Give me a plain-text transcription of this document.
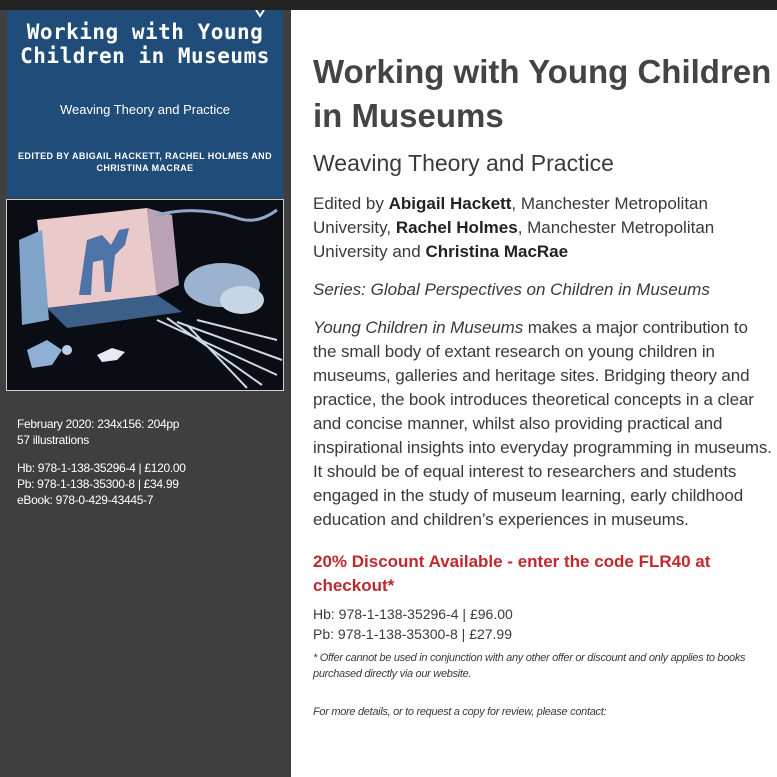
Working with Young Children in Museums
Weaving Theory and Practice
EDITED BY ABIGAIL HACKETT, RACHEL HOLMES AND CHRISTINA MACRAE

February 2020: 234x156: 204pp

57 illustrations

Hb: 978-1-138-35296-4 | £120.00

Pb: 978-1-138-35300-8 | £34.99

eBook: 978-0-429-43445-7

Working with Young Children in Museums

Weaving Theory and Practice

Edited by Abigail Hackett, Manchester Metropolitan University, Rachel Holmes, Manchester Metropolitan University and Christina MacRae

Series: Global Perspectives on Children in Museums

Young Children in Museums makes a major contribution to the small body of extant research on young children in museums, galleries and heritage sites. Bridging theory and practice, the book introduces theoretical concepts in a clear and concise manner, whilst also providing practical and inspirational insights into everyday programming in museums. It should be of equal interest to researchers and students engaged in the study of museum learning, early childhood education and children’s experiences in museums.

20% Discount Available - enter the code FLR40 at checkout*

Hb: 978-1-138-35296-4 | £96.00
Pb: 978-1-138-35300-8 | £27.99

* Offer cannot be used in conjunction with any other offer or discount and only applies to books purchased directly via our website.

For more details, or to request a copy for review, please contact:
